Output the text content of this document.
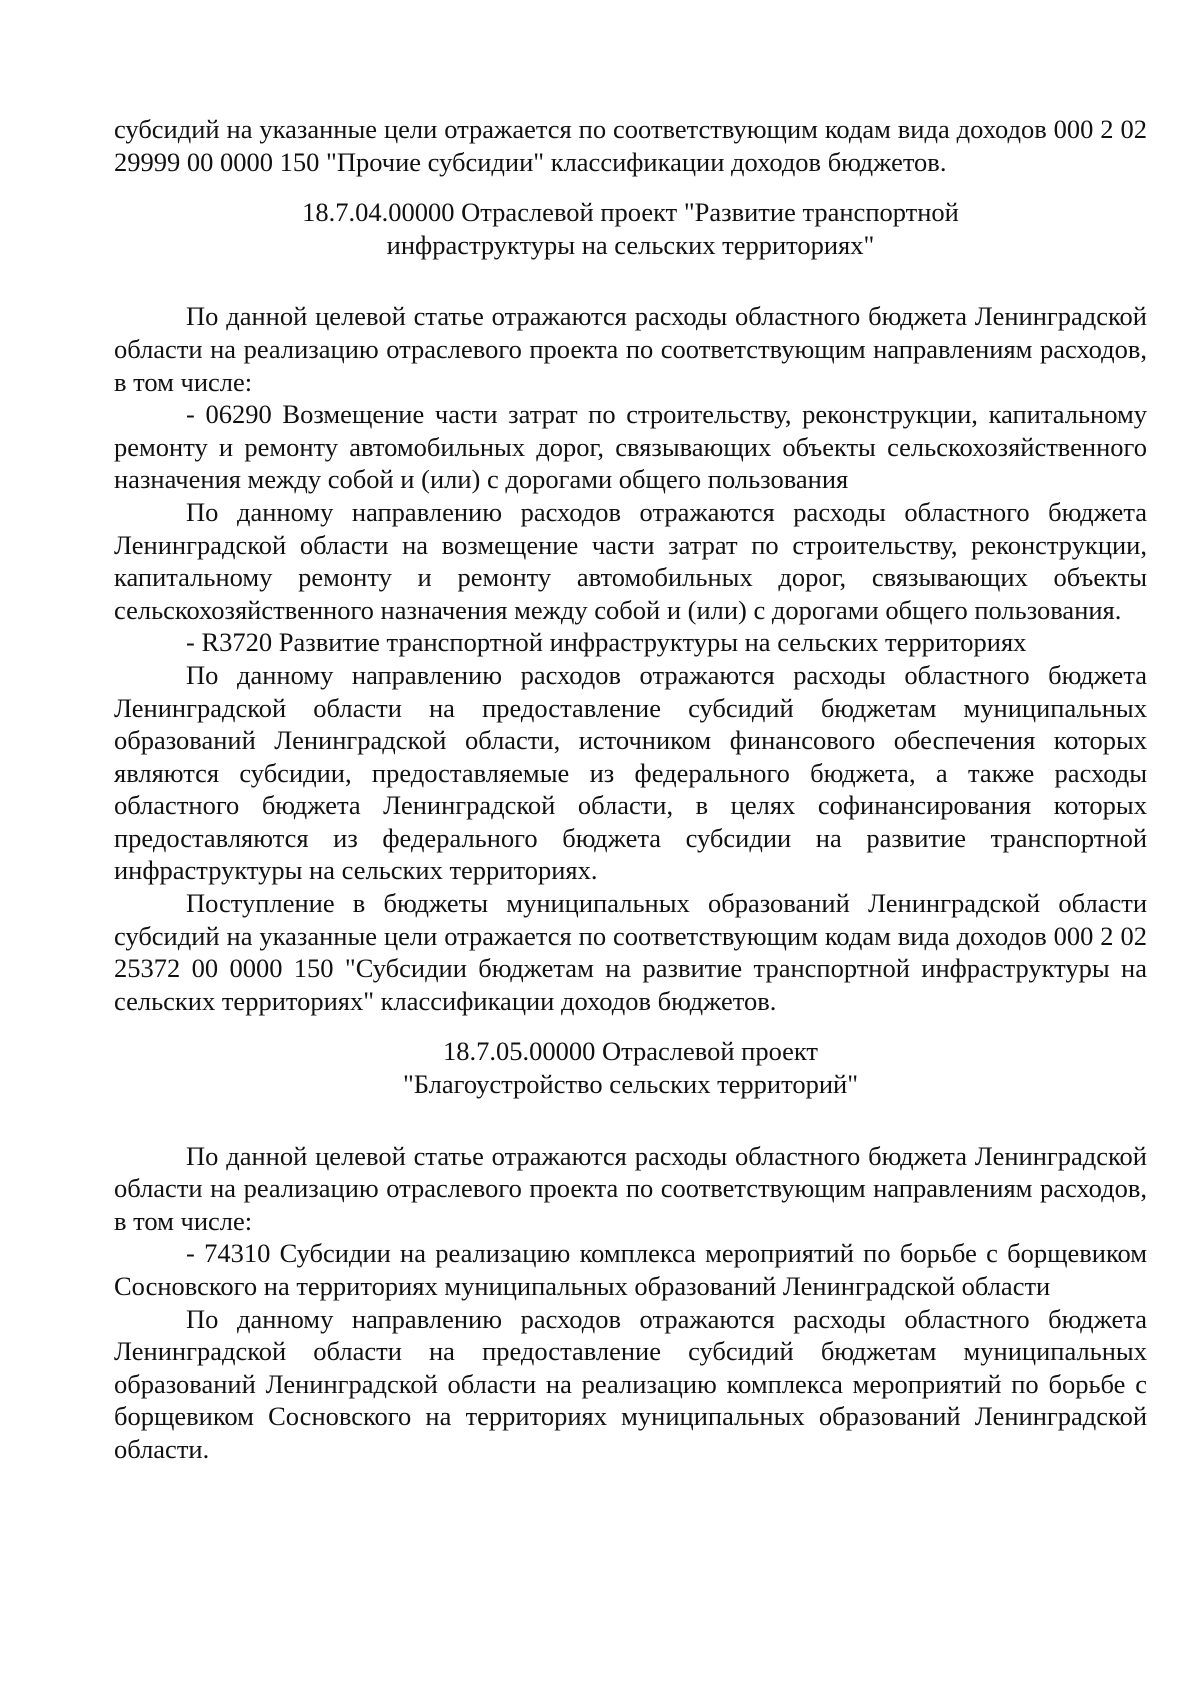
субсидий на указанные цели отражается по соответствующим кодам вида доходов 000 2 02 29999 00 0000 150 "Прочие субсидии" классификации доходов бюджетов.

18.7.04.00000 Отраслевой проект "Развитие транспортной

инфраструктуры на сельских территориях"

По данной целевой статье отражаются расходы областного бюджета Ленинградской области на реализацию отраслевого проекта по соответствующим направлениям расходов, в том числе:

- 06290 Возмещение части затрат по строительству, реконструкции, капитальному ремонту и ремонту автомобильных дорог, связывающих объекты сельскохозяйственного назначения между собой и (или) с дорогами общего пользования

По данному направлению расходов отражаются расходы областного бюджета Ленинградской области на возмещение части затрат по строительству, реконструкции, капитальному ремонту и ремонту автомобильных дорог, связывающих объекты сельскохозяйственного назначения между собой и (или) с дорогами общего пользования.

- R3720 Развитие транспортной инфраструктуры на сельских территориях

По данному направлению расходов отражаются расходы областного бюджета Ленинградской области на предоставление субсидий бюджетам муниципальных образований Ленинградской области, источником финансового обеспечения которых являются субсидии, предоставляемые из федерального бюджета, а также расходы областного бюджета Ленинградской области, в целях софинансирования которых предоставляются из федерального бюджета субсидии на развитие транспортной инфраструктуры на сельских территориях.

Поступление в бюджеты муниципальных образований Ленинградской области субсидий на указанные цели отражается по соответствующим кодам вида доходов 000 2 02 25372 00 0000 150 "Субсидии бюджетам на развитие транспортной инфраструктуры на сельских территориях" классификации доходов бюджетов.

18.7.05.00000 Отраслевой проект

"Благоустройство сельских территорий"

По данной целевой статье отражаются расходы областного бюджета Ленинградской области на реализацию отраслевого проекта по соответствующим направлениям расходов, в том числе:

- 74310 Субсидии на реализацию комплекса мероприятий по борьбе с борщевиком Сосновского на территориях муниципальных образований Ленинградской области

По данному направлению расходов отражаются расходы областного бюджета Ленинградской области на предоставление субсидий бюджетам муниципальных образований Ленинградской области на реализацию комплекса мероприятий по борьбе с борщевиком Сосновского на территориях муниципальных образований Ленинградской области.
